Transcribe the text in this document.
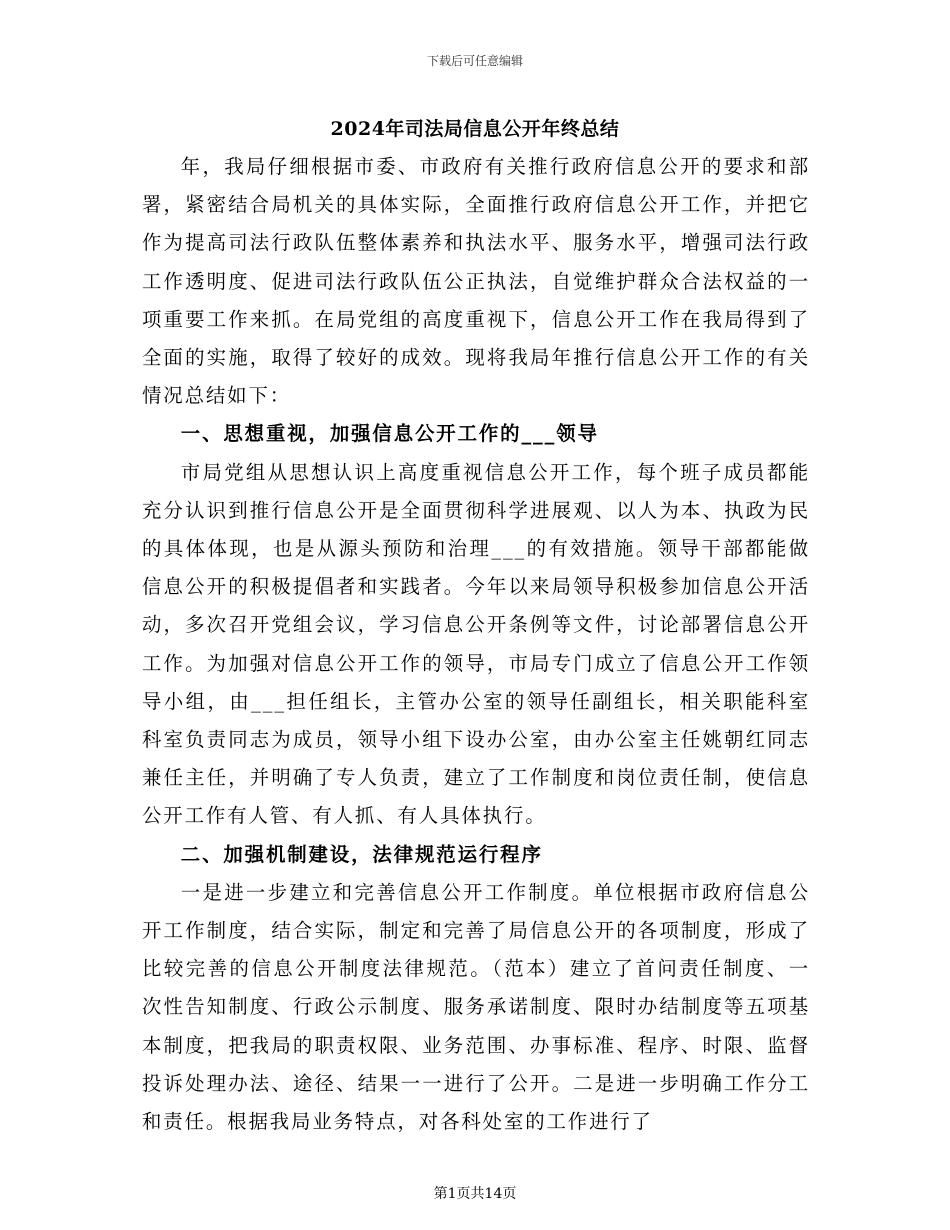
下载后可任意编辑
2024年司法局信息公开年终总结

年，我局仔细根据市委、市政府有关推行政府信息公开的要求和部署，紧密结合局机关的具体实际，全面推行政府信息公开工作，并把它作为提高司法行政队伍整体素养和执法水平、服务水平，增强司法行政工作透明度、促进司法行政队伍公正执法，自觉维护群众合法权益的一项重要工作来抓。在局党组的高度重视下，信息公开工作在我局得到了全面的实施，取得了较好的成效。现将我局年推行信息公开工作的有关情况总结如下：

一、思想重视，加强信息公开工作的___领导

市局党组从思想认识上高度重视信息公开工作，每个班子成员都能充分认识到推行信息公开是全面贯彻科学进展观、以人为本、执政为民的具体体现，也是从源头预防和治理___的有效措施。领导干部都能做信息公开的积极提倡者和实践者。今年以来局领导积极参加信息公开活动，多次召开党组会议，学习信息公开条例等文件，讨论部署信息公开工作。为加强对信息公开工作的领导，市局专门成立了信息公开工作领导小组，由___担任组长，主管办公室的领导任副组长，相关职能科室科室负责同志为成员，领导小组下设办公室，由办公室主任姚朝红同志兼任主任，并明确了专人负责，建立了工作制度和岗位责任制，使信息公开工作有人管、有人抓、有人具体执行。

二、加强机制建设，法律规范运行程序

一是进一步建立和完善信息公开工作制度。单位根据市政府信息公开工作制度，结合实际，制定和完善了局信息公开的各项制度，形成了比较完善的信息公开制度法律规范。（范本）建立了首问责任制度、一次性告知制度、行政公示制度、服务承诺制度、限时办结制度等五项基本制度，把我局的职责权限、业务范围、办事标准、程序、时限、监督投诉处理办法、途径、结果一一进行了公开。二是进一步明确工作分工和责任。根据我局业务特点，对各科处室的工作进行了

第1页共14页
